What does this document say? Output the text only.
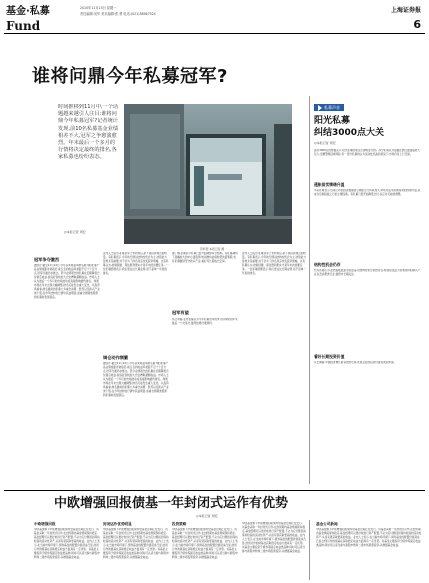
基金·私募
Fund
2010年11月15日 星期一
责任编辑:吴华 美术编辑:张 勇 电话:(021)38967524	上海证券报
6
谁将问鼎今年私募冠军?
时间推移到11月中,一个话题越来越引人注目:谁将问鼎今年私募冠军?记者统计发现,前10名私募基金业绩相差不大,冠军之争愈演愈烈。年末最后一个多月的行情将决定最终的排名,各家私募也纷纷表态。
◎本报记者 周宏
资料图 本报记者 摄
冠军争夺激烈
据统计,截至11月12日,今年以来收益率排名前列的私募产品业绩差距非常接近,前五名的收益率差距不足十个百分点,冠军归属仍存悬念。部分业绩领先的私募在近期降低仓位锁定收益,而追赶者则加大仓位搏取超额收益。市场人士认为最后一个多月的市场波动将直接影响最终排名。如果市场在年末出现大幅调整,排名可能发生重大变化。从投资风格看,排名靠前的私募大多重仓消费、医药以及新兴产业类个股,在今年结构性行情中获益明显,而重仓周期类股票的私募则表现落后。
业内人士指出,私募冠军之争的背后,是不同投资理念的较量。有私募表示,今年的行情以结构性机会为主,选股能力显得尤其重要,并不会为了排名刻意改变投资策略。也有私募认为,控制回撤、保住胜利果实才是年末的首要任务。一位私募经理表示:我们更关注长期业绩,而不是单一年度的排名。
调仓动作频繁
据统计,截至11月12日,今年以来收益率排名前列的私募产品业绩差距非常接近,前五名的收益率差距不足十个百分点,冠军归属仍存悬念。部分业绩领先的私募在近期降低仓位锁定收益,而追赶者则加大仓位搏取超额收益。市场人士认为最后一个多月的市场波动将直接影响最终排名。如果市场在年末出现大幅调整,排名可能发生重大变化。从投资风格看,排名靠前的私募大多重仓消费、医药以及新兴产业类个股,在今年结构性行情中获益明显,而重仓周期类股票的私募则表现落后。
据了解,近期部分私募已经开始调整持仓结构。有私募减持了涨幅较大的中小盘股票,转而增持估值较低的蓝筹股;也有私募继续坚守新兴产业,看好其长期成长空间。
冠军有望
综合来看,业内普遍认为今年私募冠军的争夺将持续到年末最后一个交易日,最终结果仍难预料。
业内人士指出,私募冠军之争的背后,是不同投资理念的较量。有私募表示,今年的行情以结构性机会为主,选股能力显得尤其重要,并不会为了排名刻意改变投资策略。也有私募认为,控制回撤、保住胜利果实才是年末的首要任务。一位私募经理表示:我们更关注长期业绩,而不是单一年度的排名。
私募声音
阳光私募
纠结3000点大关
◎本报记者 周宏
面对3000点的整数关口,阳光私募的观点出现明显分歧。部分私募认为指数在此位置面临较大压力,需要警惕回调风险;另一部分私募则认为流动性充裕的背景下,市场仍有上行空间。
通胀担忧情绪升温
多家私募表示,近期公布的经济数据显示通胀压力持续加大,市场对货币政策收紧的预期升温,这成为压制指数上行的主要因素。有私募已经开始降低仓位,以应对可能的调整。
结构性机会仍存
也有私募认为,虽然指数层面可能震荡,但结构性机会依然存在,特别是受益于政策扶持的新兴产业以及消费类行业,值得中长期关注。
看好长期投资价值
从长期看,中国经济增长前景依然乐观,优质企业的投资价值将逐步体现。
中欧增强回报债基一年封闭式运作有优势
◎本报记者 周宏
中欧增强回报
中欧基金旗下中欧增强回报债券型基金近期正在发行。该基金采取一年封闭式运作,在封闭期内基金规模保持稳定,基金经理可以更好地进行资产配置,不必为应付赎回而保持较高的流动性资产,从而有望获取更高的收益。业内人士表示,在当前市场环境下,债券基金的配置价值逐步凸显,封闭运作的债基在获取稳定收益方面具有一定优势。该基金主要投资于债券等固定收益类品种,同时可以适当参与新股申购和二级市场股票投资,以增强基金收益。
封闭运作优势明显
中欧基金旗下中欧增强回报债券型基金近期正在发行。该基金采取一年封闭式运作,在封闭期内基金规模保持稳定,基金经理可以更好地进行资产配置,不必为应付赎回而保持较高的流动性资产,从而有望获取更高的收益。业内人士表示,在当前市场环境下,债券基金的配置价值逐步凸显,封闭运作的债基在获取稳定收益方面具有一定优势。该基金主要投资于债券等固定收益类品种,同时可以适当参与新股申购和二级市场股票投资,以增强基金收益。
投资策略
中欧基金旗下中欧增强回报债券型基金近期正在发行。该基金采取一年封闭式运作,在封闭期内基金规模保持稳定,基金经理可以更好地进行资产配置,不必为应付赎回而保持较高的流动性资产,从而有望获取更高的收益。业内人士表示,在当前市场环境下,债券基金的配置价值逐步凸显,封闭运作的债基在获取稳定收益方面具有一定优势。该基金主要投资于债券等固定收益类品种,同时可以适当参与新股申购和二级市场股票投资,以增强基金收益。
中欧基金旗下中欧增强回报债券型基金近期正在发行。该基金采取一年封闭式运作,在封闭期内基金规模保持稳定,基金经理可以更好地进行资产配置,不必为应付赎回而保持较高的流动性资产,从而有望获取更高的收益。业内人士表示,在当前市场环境下,债券基金的配置价值逐步凸显,封闭运作的债基在获取稳定收益方面具有一定优势。该基金主要投资于债券等固定收益类品种,同时可以适当参与新股申购和二级市场股票投资,以增强基金收益。
基金公司新闻
中欧基金旗下中欧增强回报债券型基金近期正在发行。该基金采取一年封闭式运作,在封闭期内基金规模保持稳定,基金经理可以更好地进行资产配置,不必为应付赎回而保持较高的流动性资产,从而有望获取更高的收益。业内人士表示,在当前市场环境下,债券基金的配置价值逐步凸显,封闭运作的债基在获取稳定收益方面具有一定优势。该基金主要投资于债券等固定收益类品种,同时可以适当参与新股申购和二级市场股票投资,以增强基金收益。
